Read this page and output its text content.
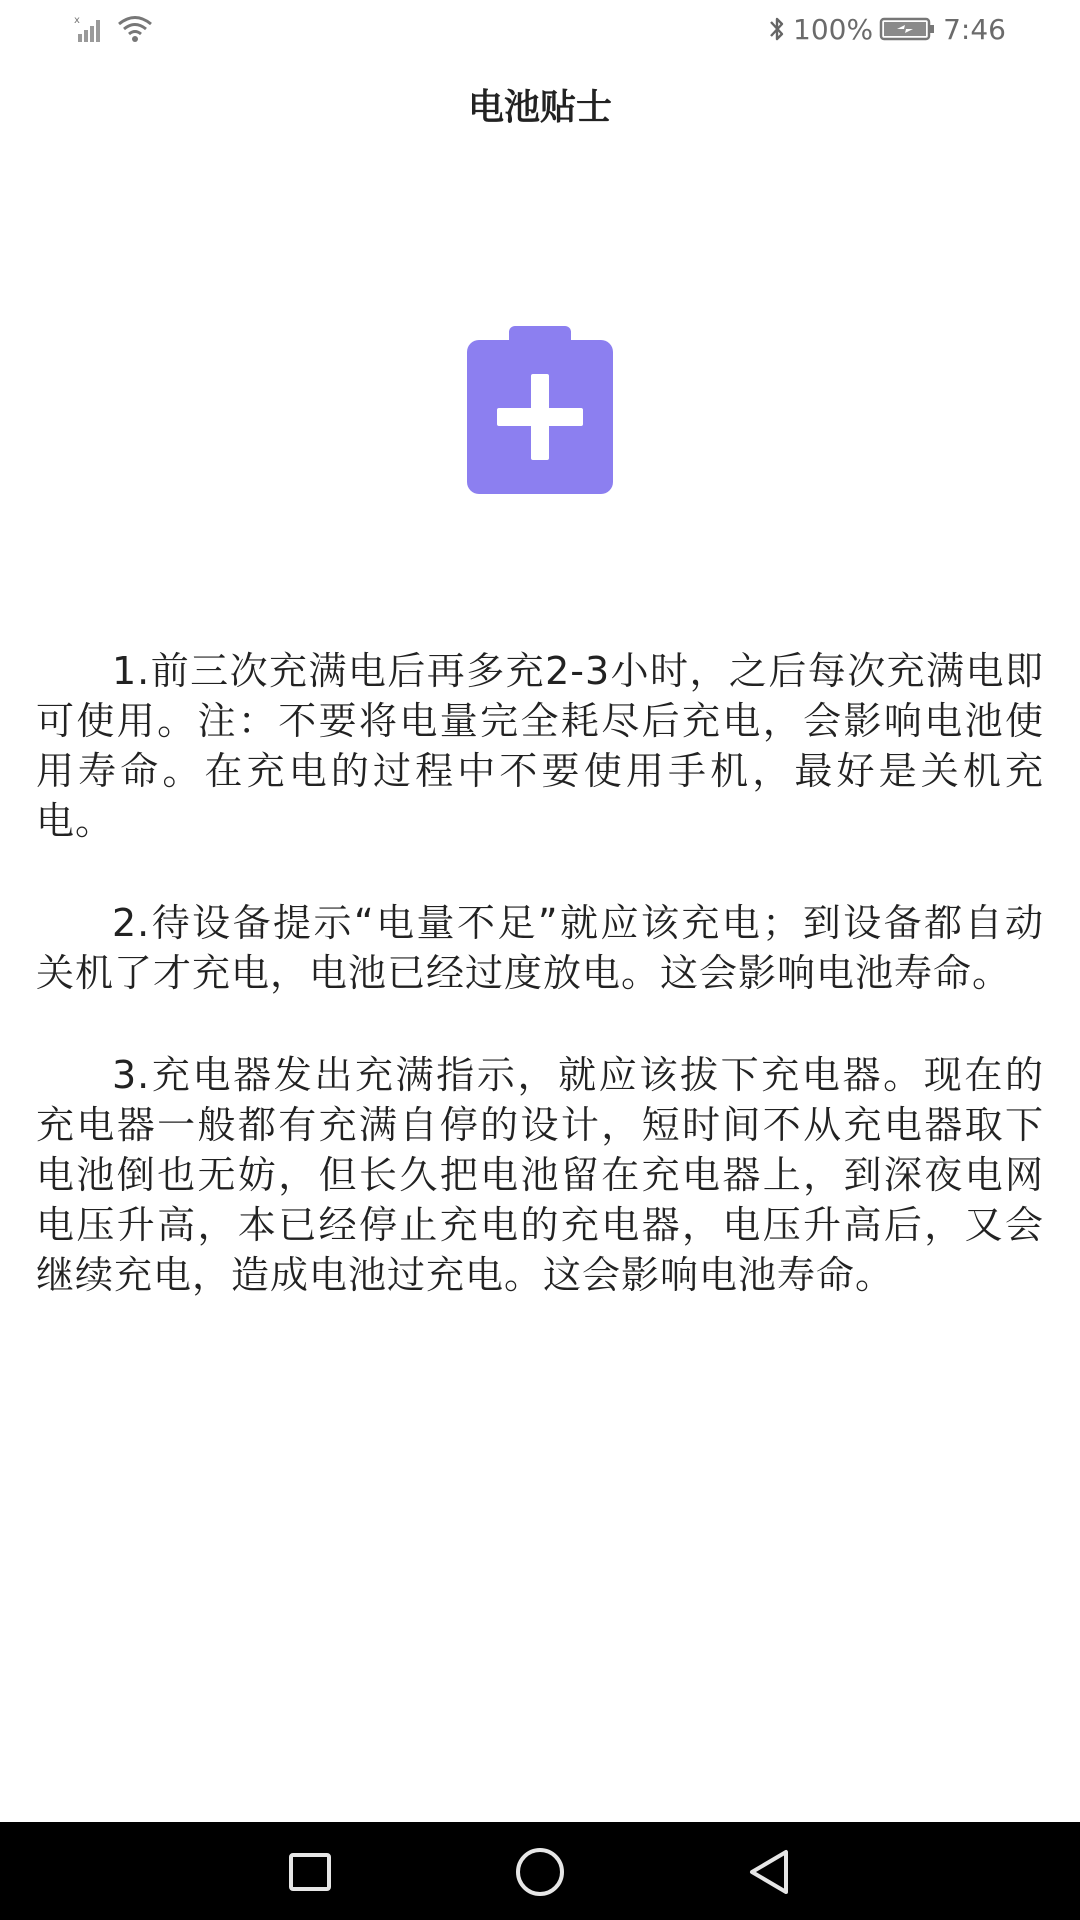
x	100%	7:46
电池贴士

1.前三次充满电后再多充2-3小时，之后每次充满电即可使用。注：不要将电量完全耗尽后充电，会影响电池使用寿命。在充电的过程中不要使用手机，最好是关机充电。

2.待设备提示“电量不足”就应该充电；到设备都自动关机了才充电，电池已经过度放电。这会影响电池寿命。

3.充电器发出充满指示，就应该拔下充电器。现在的充电器一般都有充满自停的设计，短时间不从充电器取下电池倒也无妨，但长久把电池留在充电器上，到深夜电网电压升高，本已经停止充电的充电器，电压升高后，又会继续充电，造成电池过充电。这会影响电池寿命。
